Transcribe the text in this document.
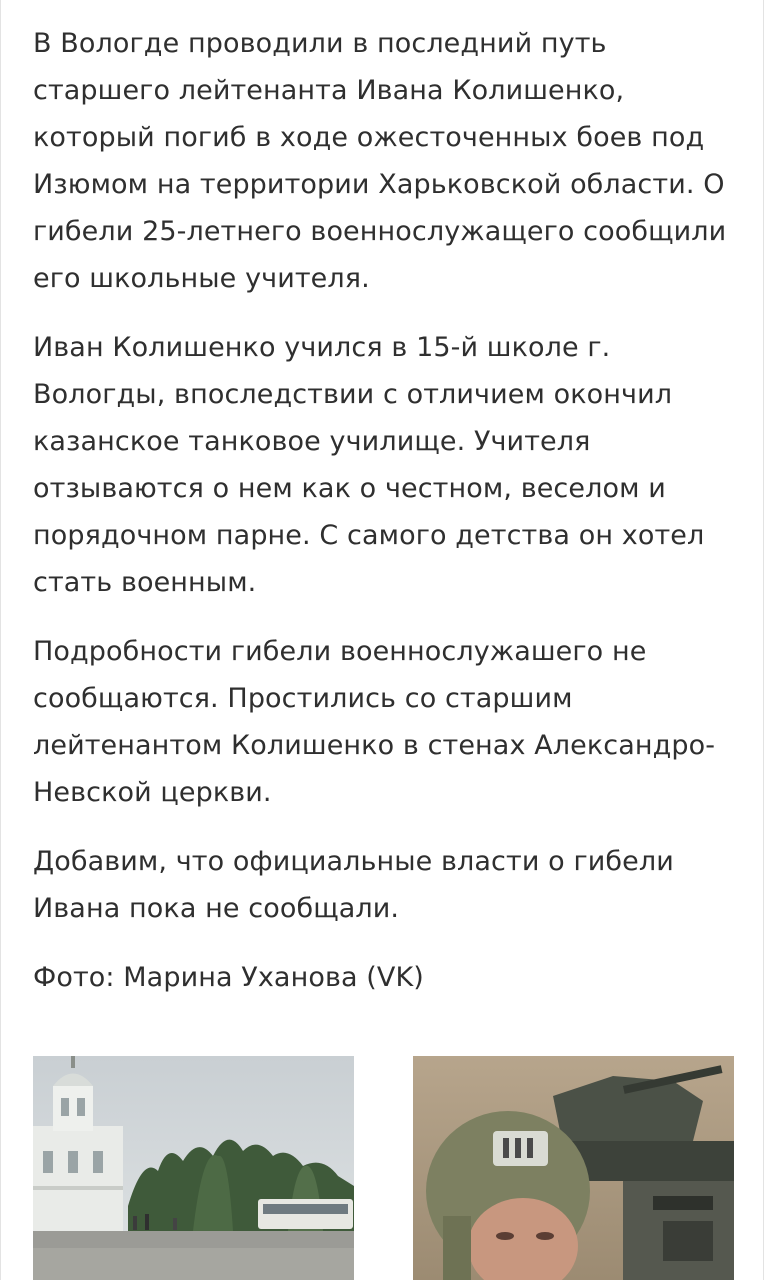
В Вологде проводили в последний путь старшего лейтенанта Ивана Колишенко, который погиб в ходе ожесточенных боев под Изюмом на территории Харьковской области. О гибели 25-летнего военнослужащего сообщили его школьные учителя.

Иван Колишенко учился в 15-й школе г. Вологды, впоследствии с отличием окончил казанское танковое училище. Учителя отзываются о нем как о честном, веселом и порядочном парне. С самого детства он хотел стать военным.

Подробности гибели военнослужашего не сообщаются. Простились со старшим лейтенантом Колишенко в стенах Александро-Невской церкви.

Добавим, что официальные власти о гибели Ивана пока не сообщали.

Фото: Марина Уханова (VK)
